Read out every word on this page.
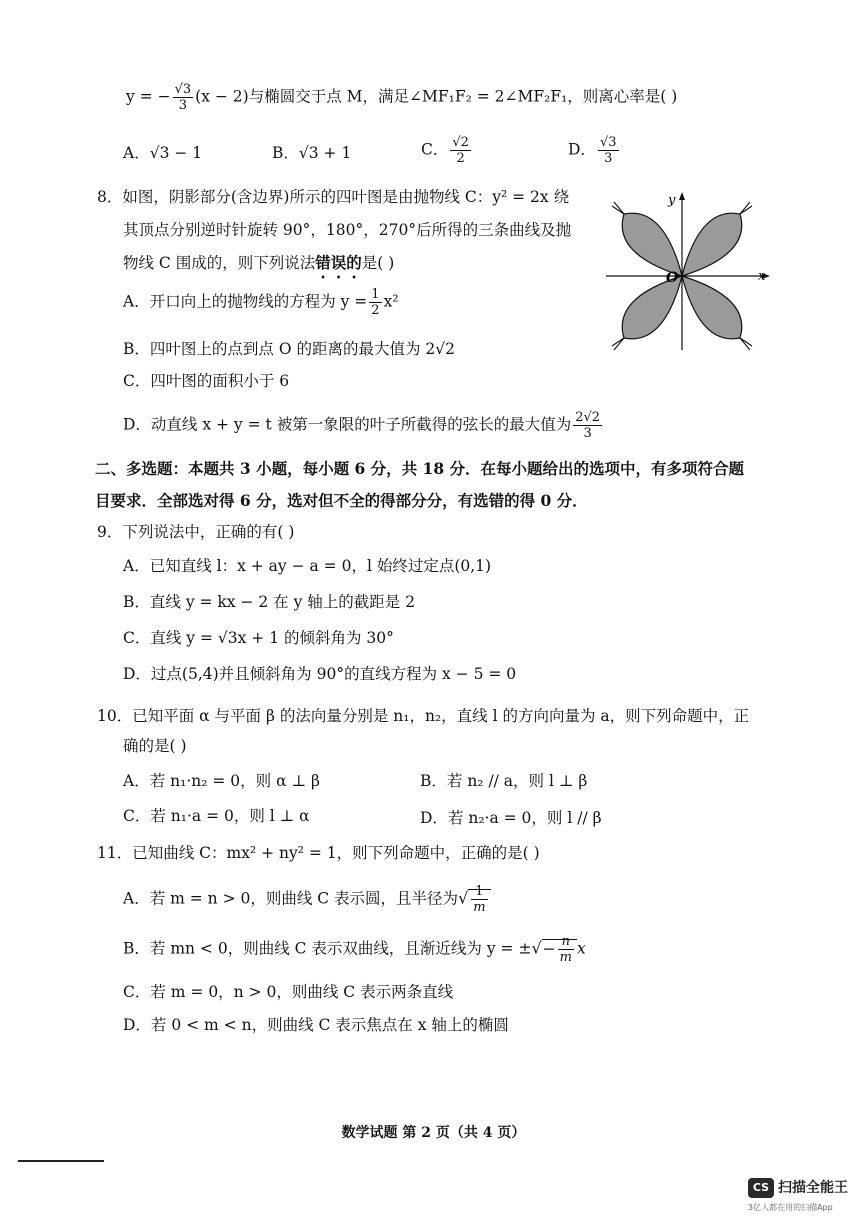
y = − $\frac{√3}{3} (x - 2)$与椭圆交于点 M，满足∠MF₁F₂ = 2∠MF₂F₁，则离心率是( )
A．√3 − 1	B．√3 + 1	C． $\frac{√2}{2}$	D． $\frac{√3}{3}$
8．如图，阴影部分(含边界)所示的四叶图是由抛物线 C：y² = 2x 绕
其顶点分别逆时针旋转 90°，180°，270°后所得的三条曲线及抛
物线 C 围成的，则下列说法错误的是( )
A．开口向上的抛物线的方程为 $y = \frac{1}{2} x^2$
B．四叶图上的点到点 O 的距离的最大值为 2√2
C．四叶图的面积小于 6
D．动直线 x + y = t 被第一象限的叶子所截得的弦长的最大值为 $\frac{2√2}{3}$
x
y
O
二、多选题：本题共 3 小题，每小题 6 分，共 18 分．在每小题给出的选项中，有多项符合题
目要求．全部选对得 6 分，选对但不全的得部分分，有选错的得 0 分．
9．下列说法中，正确的有( )
A．已知直线 l：x + ay − a = 0，l 始终过定点(0,1)
B．直线 y = kx − 2 在 y 轴上的截距是 2
C．直线 y = √3x + 1 的倾斜角为 30°
D．过点(5,4)并且倾斜角为 90°的直线方程为 x − 5 = 0
10．已知平面 α 与平面 β 的法向量分别是 n₁，n₂，直线 l 的方向向量为 a，则下列命题中，正
确的是( )
A．若 n₁·n₂ = 0，则 α ⊥ β	B．若 n₂ // a，则 l ⊥ β
C．若 n₁·a = 0，则 l ⊥ α	D．若 n₂·a = 0，则 l // β
11．已知曲线 C：mx² + ny² = 1，则下列命题中，正确的是( )
A．若 m = n > 0，则曲线 C 表示圆，且半径为√ $\frac{1}{m}$
B．若 mn < 0，则曲线 C 表示双曲线，且渐近线为 y = ±√− $\frac{n}{m}$ x
C．若 m = 0，n > 0，则曲线 C 表示两条直线
D．若 0 < m < n，则曲线 C 表示焦点在 x 轴上的椭圆
数学试题 第 2 页（共 4 页）
CS 扫描全能王
3亿人都在用的扫描App
